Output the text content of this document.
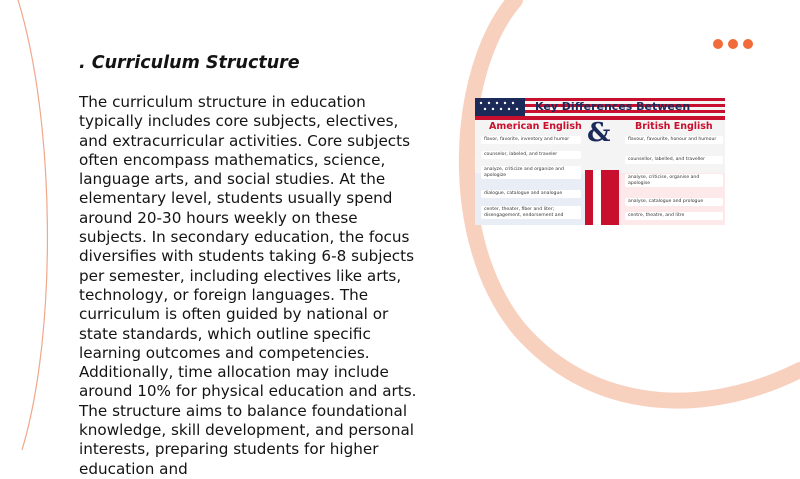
. Curriculum Structure

The curriculum structure in education typically includes core subjects, electives, and extracurricular activities. Core subjects often encompass mathematics, science, language arts, and social studies. At the elementary level, students usually spend around 20-30 hours weekly on these subjects. In secondary education, the focus diversifies with students taking 6-8 subjects per semester, including electives like arts, technology, or foreign languages. The curriculum is often guided by national or state standards, which outline specific learning outcomes and competencies. Additionally, time allocation may include around 10% for physical education and arts. The structure aims to balance foundational knowledge, skill development, and personal interests, preparing students for higher education and

Key Differences Between
American English &	British English
flavor, favorite, inventory and humor
counselor, labeled, and traveler
analyze, criticize and organize and apologize
dialogue, catalogue and analogue
center, theater, fiber and liter; disengagement, endorsement and
flavour, favourite, honour and humour
counsellor, labelled, and traveller
analyse, criticise, organise and apologise
analyse, catalogue and prologue
centre, theatre, and litre
